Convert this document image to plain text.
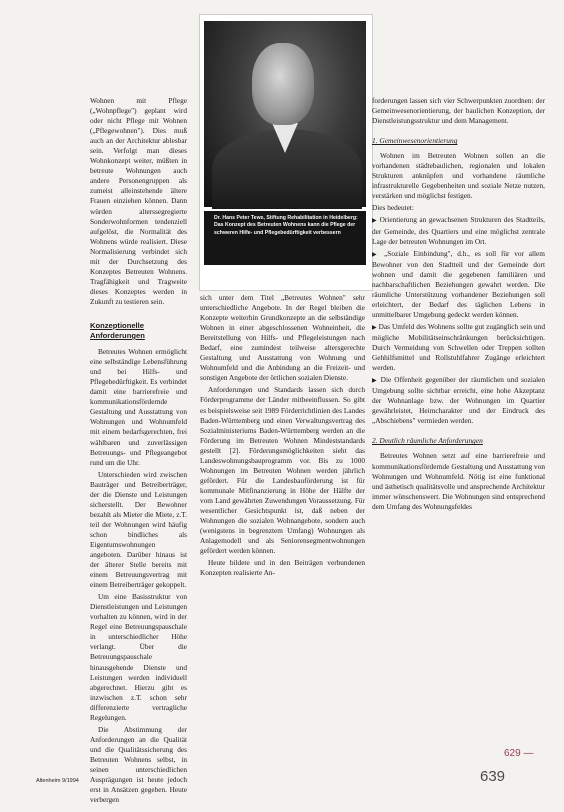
Dr. Hans Peter Tews, Stiftung Rehabilitation in Heidelberg: Das Konzept des Betreuten Wohnens kann die Pflege der schweren Hilfe- und Pflegebedürftigkeit verbessern

Wohnen mit Pflege („Wohnpflege") geplant wird oder nicht Pflege mit Wohnen („Pflegewohnen"). Dies muß auch an der Architektur ablesbar sein. Verfolgt man dieses Wohnkonzept weiter, müßten in betreute Wohnungen auch andere Personengruppen als zumeist alleinstehende ältere Frauen einziehen können. Dann würden alterssegregierte Sonderwohnformen tendenziell aufgelöst, die Normalität des Wohnens würde realisiert. Diese Normalisierung verbindet sich mit der Durchsetzung des Konzeptes Betreuten Wohnens. Tragfähigkeit und Tragweite dieses Konzeptes werden in Zukunft zu testieren sein.

Konzeptionelle Anforderungen

Betreutes Wohnen ermöglicht eine selbständige Lebensführung und bei Hilfs- und Pflegebedürftigkeit. Es verbindet damit eine barrierefreie und kommunikationsfördernde Gestaltung und Ausstattung von Wohnungen und Wohnumfeld mit einem bedarfsgerechten, frei wählbaren und zuverlässigen Betreuungs- und Pflegeangebot rund um die Uhr.

Unterschieden wird zwischen Bauträger und Betreiberträger, der die Dienste und Leistungen sicherstellt. Der Bewohner bezahlt als Mieter die Miete, z.T. teil der Wohnungen wird häufig schon bindliches als Eigentumswohnungen angeboten. Darüber hinaus ist der älterer Stelle bereits mit einem Betreuungsvertrag mit einem Betreiberträger gekoppelt.

Um eine Basisstruktur von Dienstleistungen und Leistungen vorhalten zu können, wird in der Regel eine Betreuungspauschale in unterschiedlicher Höhe verlangt. Über die Betreuungspauschale hinausgehende Dienste und Leistungen werden individuell abgerechnet. Hierzu gibt es inzwischen z.T. schon sehr differenzierte vertragliche Regelungen.

Die Abstimmung der Anforderungen an die Qualität und die Qualitätssicherung des Betreuten Wohnens selbst, in seinen unterschiedlichen Ausprägungen ist heute jedoch erst in Ansätzen gegeben. Heute verbergen

sich unter dem Titel „Betreutes Wohnen" sehr unterschiedliche Angebote. In der Regel bleiben die Konzepte weiterhin Grundkonzepte an die selbständige Wohnen in einer abgeschlossenen Wohneinheit, die Bereitstellung von Hilfs- und Pflegeleistungen nach Bedarf, eine zumindest teilweise altersgerechte Gestaltung und Ausstattung von Wohnung und Wohnumfeld und die Anbindung an die Freizeit- und sonstigen Angebote der örtlichen sozialen Dienste.

Anforderungen und Standards lassen sich durch Förderprogramme der Länder mitbeeinflussen. So gibt es beispielsweise seit 1989 Förderrichtlinien des Landes Baden-Württemberg und einen Verwaltungsvertrag des Sozialministeriums Baden-Württemberg werden an die Förderung im Betreuten Wohnen Mindeststandards gestellt [2]. Förderungsmöglichkeiten sieht das Landeswohnungsbauprogramm vor. Bis zu 1000 Wohnungen im Betreuten Wohnen werden jährlich gefördert. Für die Landesbauförderung ist für kommunale Mitfinanzierung in Höhe der Hälfte der vom Land gewährten Zuwendungen Voraussetzung. Für wesentlicher Gesichtspunkt ist, daß neben der Wohnungen die sozialen Wohnangebote, sondern auch (wenigstens in begrenztem Umfang) Wohnungen als Anlagemodell und als Seniorensegmentwohnungen gefördert werden können.

Heute bildete und in den Beiträgen verbundenen Konzepten realisierte An-

forderungen lassen sich vier Schwerpunkten zuordnen: der Gemeinwesenorientierung, der baulichen Konzeption, der Dienstleistungsstruktur und dem Management.

1. Gemeinwesenorientierung

Wohnen im Betreuten Wohnen sollen an die vorhandenen städtebaulichen, regionalen und lokalen Strukturen anknüpfen und vorhandene räumliche infrastrukturelle Gegebenheiten und soziale Netze nutzen, verstärken und möglichst festigen.

Dies bedeutet:

▶ Orientierung an gewachsenen Strukturen des Stadtteils, der Gemeinde, des Quartiers und eine möglichst zentrale Lage der betreuten Wohnungen im Ort.

▶ „Soziale Einbindung", d.h., es soll für vor allem Bewohner von den Stadtteil und der Gemeinde dort wohnen und damit die gegebenen familiären und nachbarschaftlichen Beziehungen gewahrt werden. Die räumliche Unterstützung vorhandener Beziehungen soll erleichtert, der Bedarf des täglichen Lebens in unmittelbarer Umgebung gedeckt werden können.

▶ Das Umfeld des Wohnens sollte gut zugänglich sein und mögliche Mobilitätseinschränkungen berücksichtigen. Durch Vermeidung von Schwellen oder Treppen sollten Gehhilfsmittel und Rollstuhlfahrer Zugänge erleichtert werden.

▶ Die Offenheit gegenüber der räumlichen und sozialen Umgebung sollte sichtbar erreicht, eine hohe Akzeptanz der Wohnanlage bzw. der Wohnungen im Quartier gewährleistet, Heimcharakter und der Eindruck des „Abschiebens" vermieden werden.

2. Deutlich räumliche Anforderungen

Betreutes Wohnen setzt auf eine barrierefreie und kommunikationsfördernde Gestaltung und Ausstattung von Wohnungen und Wohnumfeld. Nötig ist eine funktional und ästhetisch qualitätsvolle und ansprechende Architektur immer wünschenswert. Die Wohnungen sind entsprechend dem Umfang des Wohnungsfeldes

Altenheim 9/1994
629 —
639
